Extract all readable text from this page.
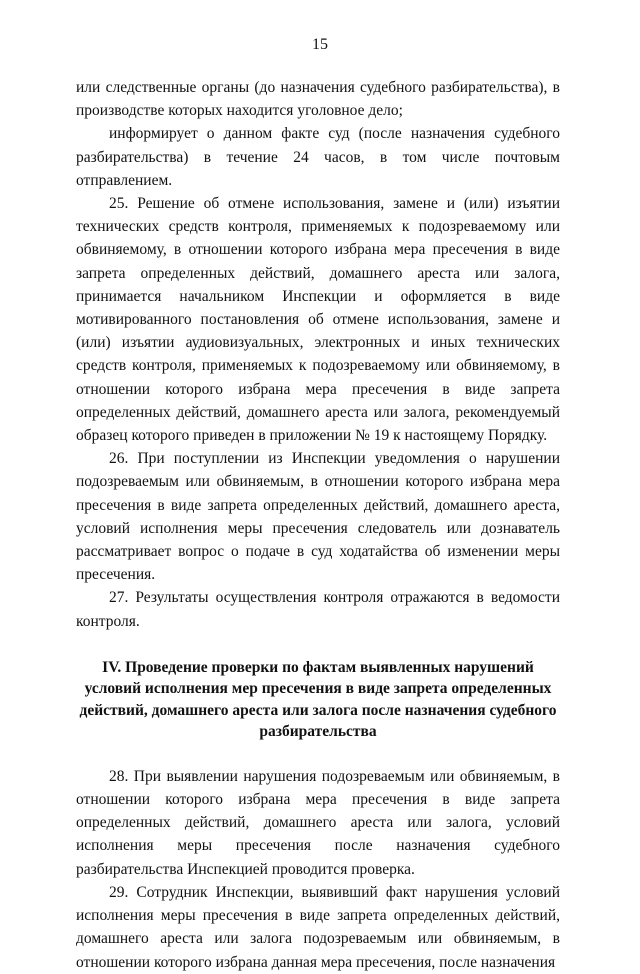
15

или следственные органы (до назначения судебного разбирательства), в производстве которых находится уголовное дело;

информирует о данном факте суд (после назначения судебного разбирательства) в течение 24 часов, в том числе почтовым отправлением.

25. Решение об отмене использования, замене и (или) изъятии технических средств контроля, применяемых к подозреваемому или обвиняемому, в отношении которого избрана мера пресечения в виде запрета определенных действий, домашнего ареста или залога, принимается начальником Инспекции и оформляется в виде мотивированного постановления об отмене использования, замене и (или) изъятии аудиовизуальных, электронных и иных технических средств контроля, применяемых к подозреваемому или обвиняемому, в отношении которого избрана мера пресечения в виде запрета определенных действий, домашнего ареста или залога, рекомендуемый образец которого приведен в приложении № 19 к настоящему Порядку.

26. При поступлении из Инспекции уведомления о нарушении подозреваемым или обвиняемым, в отношении которого избрана мера пресечения в виде запрета определенных действий, домашнего ареста, условий исполнения меры пресечения следователь или дознаватель рассматривает вопрос о подаче в суд ходатайства об изменении меры пресечения.

27. Результаты осуществления контроля отражаются в ведомости контроля.

IV. Проведение проверки по фактам выявленных нарушений условий исполнения мер пресечения в виде запрета определенных действий, домашнего ареста или залога после назначения судебного разбирательства

28. При выявлении нарушения подозреваемым или обвиняемым, в отношении которого избрана мера пресечения в виде запрета определенных действий, домашнего ареста или залога, условий исполнения меры пресечения после назначения судебного разбирательства Инспекцией проводится проверка.

29. Сотрудник Инспекции, выявивший факт нарушения условий исполнения меры пресечения в виде запрета определенных действий, домашнего ареста или залога подозреваемым или обвиняемым, в отношении которого избрана данная мера пресечения, после назначения
